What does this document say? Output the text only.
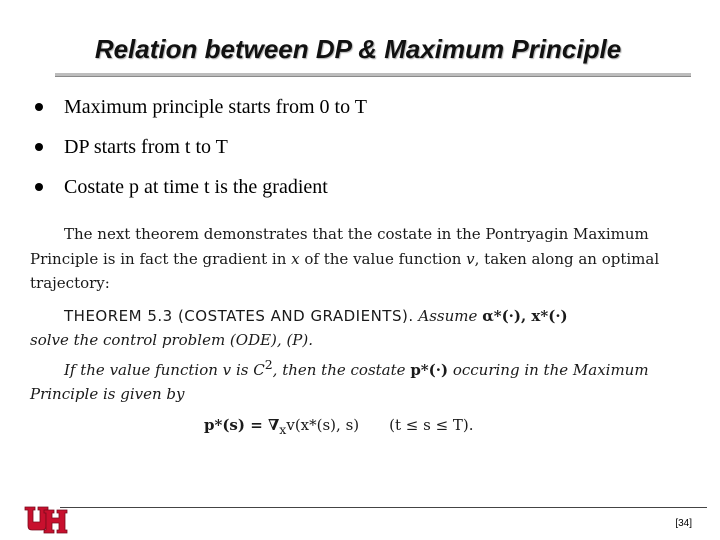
Relation between DP & Maximum Principle
Maximum principle starts from 0 to T
DP starts from t to T
Costate p at time t is the gradient

The next theorem demonstrates that the costate in the Pontryagin Maximum Principle is in fact the gradient in x of the value function v, taken along an optimal trajectory:

THEOREM 5.3 (COSTATES AND GRADIENTS). Assume α*(·), x*(·)
solve the control problem (ODE), (P).

If the value function v is $C^2$, then the costate p*(·) occuring in the Maximum Principle is given by

$p*(s) = \nabla_xv(x*(s)$, s) (t ≤ s ≤ T).
[34]
